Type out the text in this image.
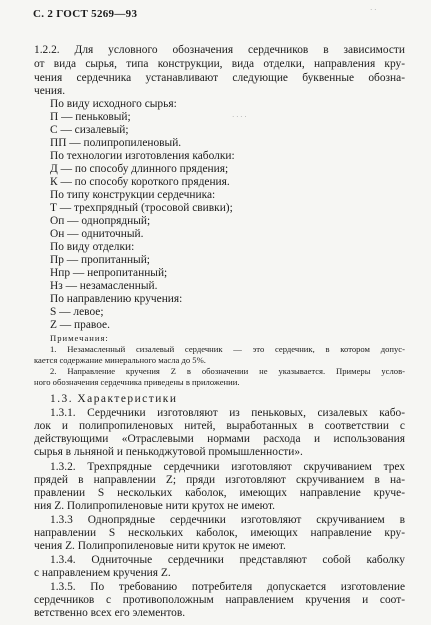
С. 2 ГОСТ 5269—93	· ·
· · · ·
1.2.2. Для условного обозначения сердечников в зависимости
от вида сырья, типа конструкции, вида отделки, направления кру-
чения сердечника устанавливают следующие буквенные обозна-
чения.
По виду исходного сырья:
П — пеньковый;
С — сизалевый;
ПП — полипропиленовый.
По технологии изготовления каболки:
Д — по способу длинного прядения;
К — по способу короткого прядения.
По типу конструкции сердечника:
Т — трехпрядный (тросовой свивки);
Оп — однопрядный;
Он — одниточный.
По виду отделки:
Пр — пропитанный;
Нпр — непропитанный;
Нз — незамасленный.
По направлению кручения:
S — левое;
Z — правое.
Примечания:
1. Незамасленный сизалевый сердечник — это сердечник, в котором допус-
кается содержание минерального масла до 5%.
2. Направление кручения Z в обозначении не указывается. Примеры услов-
ного обозначения сердечника приведены в приложении.
1.3. Характеристики
1.3.1. Сердечники изготовляют из пеньковых, сизалевых кабо-
лок и полипропиленовых нитей, выработанных в соответствии с
действующими «Отраслевыми нормами расхода и использования
сырья в льняной и пенькоджутовой промышленности».
1.3.2. Трехпрядные сердечники изготовляют скручиванием трех
прядей в направлении Z; пряди изготовляют скручиванием в на-
правлении S нескольких каболок, имеющих направление круче-
ния Z. Полипропиленовые нити крутох не имеют.
1.3.3 Однопрядные сердечники изготовляют скручиванием в
направлении S нескольких каболок, имеющих направление кру-
чения Z. Полипропиленовые нити круток не имеют.
1.3.4. Одниточные сердечники представляют собой каболку
с направлением кручения Z.
1.3.5. По требованию потребителя допускается изготовление
сердечников с противоположным направлением кручения и соот-
ветственно всех его элементов.
